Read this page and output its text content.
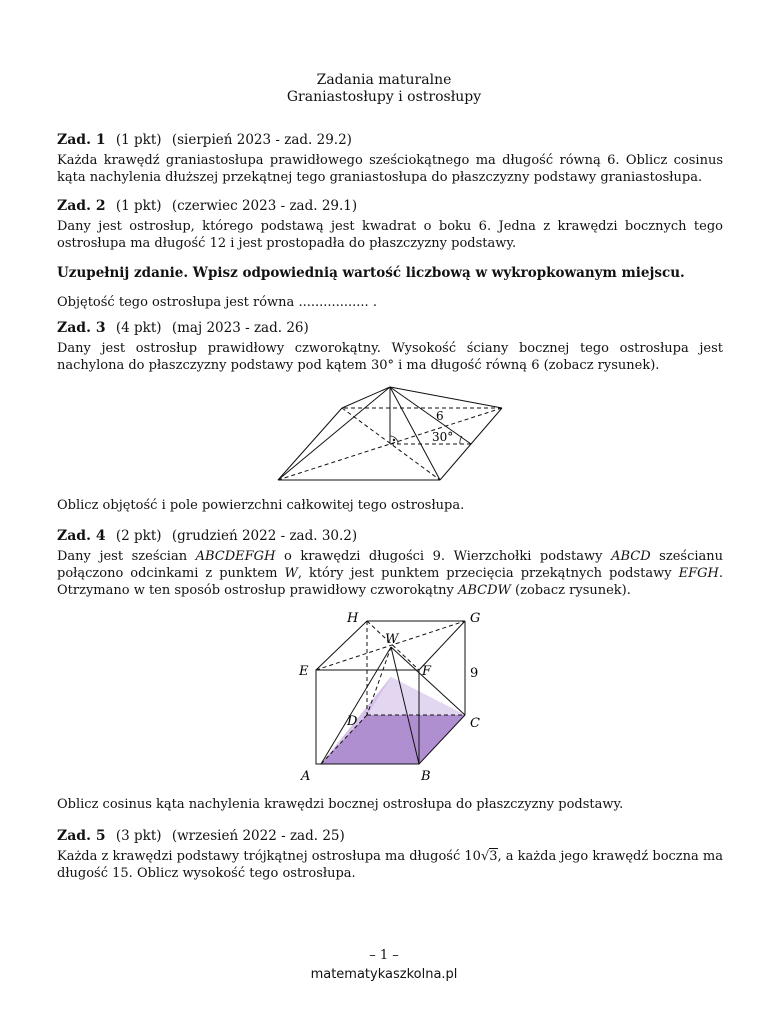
Zadania maturalne
Graniastosłupy i ostrosłupy
Zad. 1 (1 pkt) (sierpień 2023 - zad. 29.2)
Każda krawędź graniastosłupa prawidłowego sześciokątnego ma długość równą 6. Oblicz cosinus kąta nachylenia dłuższej przekątnej tego graniastosłupa do płaszczyzny podstawy graniastosłupa.
Zad. 2 (1 pkt) (czerwiec 2023 - zad. 29.1)
Dany jest ostrosłup, którego podstawą jest kwadrat o boku 6. Jedna z krawędzi bocznych tego ostrosłupa ma długość 12 i jest prostopadła do płaszczyzny podstawy.
Uzupełnij zdanie. Wpisz odpowiednią wartość liczbową w wykropkowanym miejscu.
Objętość tego ostrosłupa jest równa ................. .
Zad. 3 (4 pkt) (maj 2023 - zad. 26)
Dany jest ostrosłup prawidłowy czworokątny. Wysokość ściany bocznej tego ostrosłupa jest nachylona do płaszczyzny podstawy pod kątem 30° i ma długość równą 6 (zobacz rysunek).
6
30°
Oblicz objętość i pole powierzchni całkowitej tego ostrosłupa.
Zad. 4 (2 pkt) (grudzień 2022 - zad. 30.2)
Dany jest sześcian ABCDEFGH o krawędzi długości 9. Wierzchołki podstawy ABCD sześcianu połączono odcinkami z punktem W, który jest punktem przecięcia przekątnych podstawy EFGH. Otrzymano w ten sposób ostrosłup prawidłowy czworokątny ABCDW (zobacz rysunek).
H	G
W
E	F	9
D	C
A	B
Oblicz cosinus kąta nachylenia krawędzi bocznej ostrosłupa do płaszczyzny podstawy.
Zad. 5 (3 pkt) (wrzesień 2022 - zad. 25)
Każda z krawędzi podstawy trójkątnej ostrosłupa ma długość 10√3, a każda jego krawędź boczna ma długość 15. Oblicz wysokość tego ostrosłupa.
– 1 –
matematykaszkolna.pl
